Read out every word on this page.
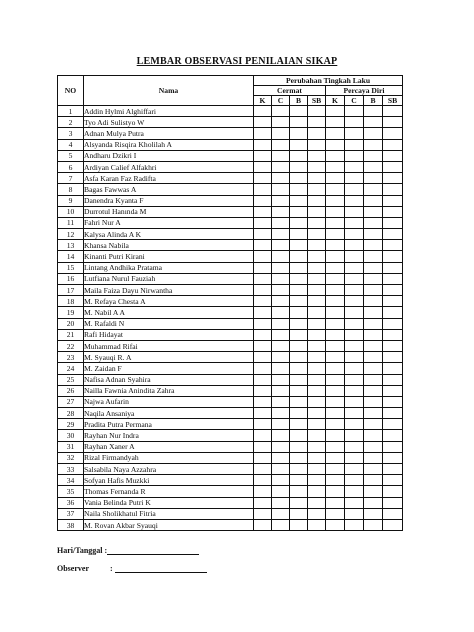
LEMBAR OBSERVASI PENILAIAN SIKAP
NO	Nama	Perubahan Tingkah Laku							
		Cermat				Percaya Diri			
		K	C	B	SB	K	C	B	SB
1	Addin Hylmi Alghiffari								
2	Tyo Adi Sulistyo W								
3	Adnan Mulya Putra								
4	Alsyanda Risqira Kholilah A								
5	Andharu Dzikri I								
6	Ardiyan Calief Alfakhri								
7	Asfa Karan Faz Radifta								
8	Bagas Fawwas A								
9	Danendra Kyanta F								
10	Durrotul Hanında M								
11	Fahri Nur A								
12	Kalysa Alinda A K								
13	Khansa Nabila								
14	Kinanti Putri Kirani								
15	Lintang Andhika Pratama								
16	Lutfiana Nurul Fauziah								
17	Maila Faiza Dayu Nirwantha								
18	M. Refaya Chesta A								
19	M. Nabil A A								
20	M. Rafaldi N								
21	Rafi Hidayat								
22	Muhammad Rifai								
23	M. Syauqi R. A								
24	M. Zaidan F								
25	Nafisa Adnan Syahira								
26	Nailla Fawnia Anindita Zahra								
27	Najwa Aufarin								
28	Naqila Ansaniya								
29	Pradita Putra Permana								
30	Rayhan Nur Indra								
31	Rayhan Xaner A								
32	Rizal Firmandyah								
33	Salsabila Naya Azzahra								
34	Sofyan Hafis Muzkki								
35	Thomas Fernanda R								
36	Vania Belinda Putri K								
37	Naila Sholikhatul Fitria								
38	M. Rovan Akbar Syauqi								
Hari/Tanggal :
Observer	:
